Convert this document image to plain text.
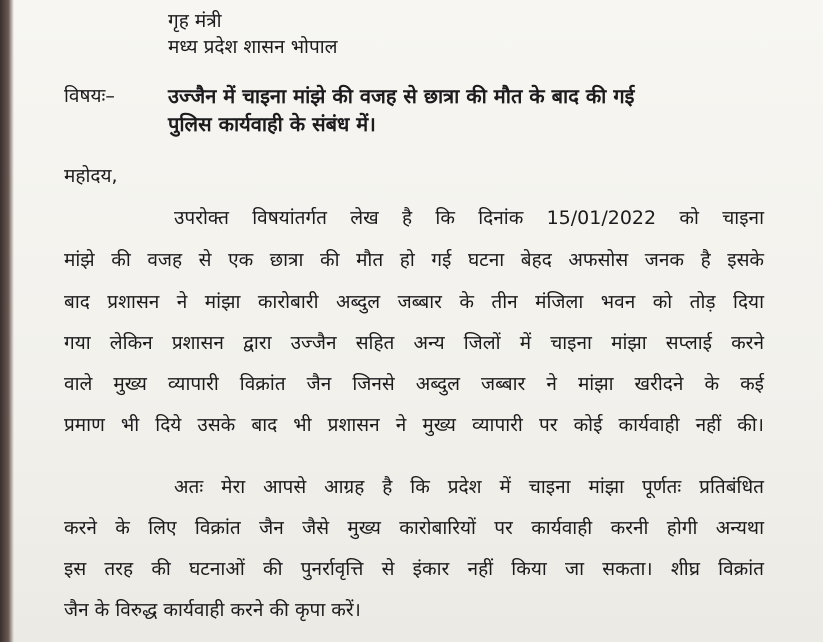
गृह मंत्री
मध्य प्रदेश शासन भोपाल
विषयः–	उज्जैन में चाइना मांझे की वजह से छात्रा की मौत के बाद की गई
पुलिस कार्यवाही के संबंध में।
महोदय,
उपरोक्त विषयांतर्गत लेख है कि दिनांक 15/01/2022 को चाइना
मांझे की वजह से एक छात्रा की मौत हो गई घटना बेहद अफसोस जनक है इसके
बाद प्रशासन ने मांझा कारोबारी अब्दुल जब्बार के तीन मंजिला भवन को तोड़ दिया
गया लेकिन प्रशासन द्वारा उज्जैन सहित अन्य जिलों में चाइना मांझा सप्लाई करने
वाले मुख्य व्यापारी विक्रांत जैन जिनसे अब्दुल जब्बार ने मांझा खरीदने के कई
प्रमाण भी दिये उसके बाद भी प्रशासन ने मुख्य व्यापारी पर कोई कार्यवाही नहीं की।
अतः मेरा आपसे आग्रह है कि प्रदेश में चाइना मांझा पूर्णतः प्रतिबंधित
करने के लिए विक्रांत जैन जैसे मुख्य कारोबारियों पर कार्यवाही करनी होगी अन्यथा
इस तरह की घटनाओं की पुनर्रावृत्ति से इंकार नहीं किया जा सकता। शीघ्र विक्रांत
जैन के विरुद्ध कार्यवाही करने की कृपा करें।
